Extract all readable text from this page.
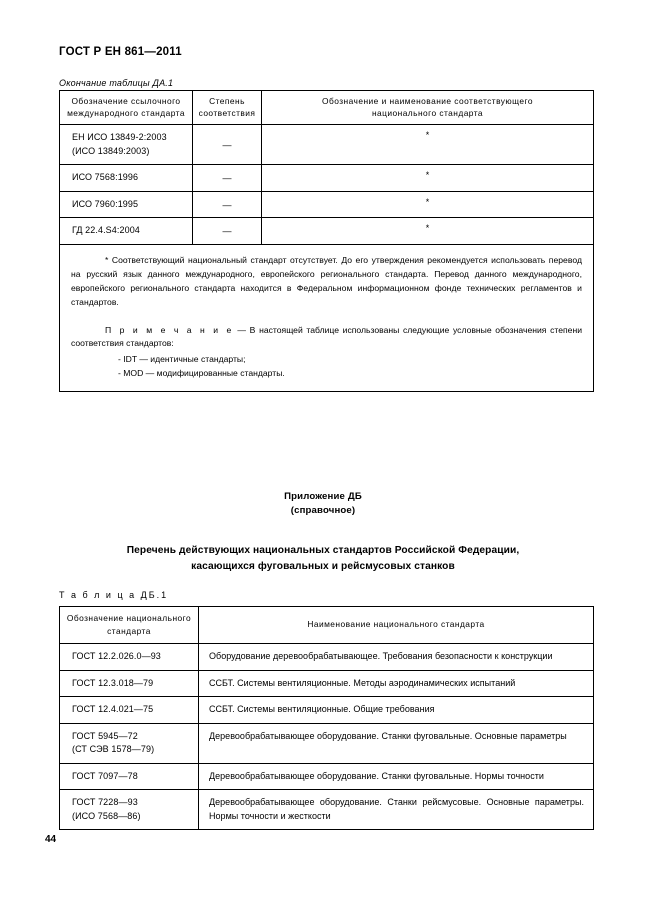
ГОСТ Р ЕН 861—2011
Окончание таблицы ДА.1
Обозначение ссылочного
международного стандарта	Степень
соответствия	Обозначение и наименование соответствующего
национального стандарта
ЕН ИСО 13849-2:2003
(ИСО 13849:2003)	—	*
ИСО 7568:1996	—	*
ИСО 7960:1995	—	*
ГД 22.4.S4:2004	—	*

* Соответствующий национальный стандарт отсутствует. До его утверждения рекомендуется использовать перевод на русский язык данного международного, европейского регионального стандарта. Перевод данного международного, европейского регионального стандарта находится в Федеральном информационном фонде технических регламентов и стандартов.

П р и м е ч а н и е — В настоящей таблице использованы следующие условные обозначения степени соответствия стандартов:

- IDT — идентичные стандарты;
- MOD — модифицированные стандарты.
Приложение ДБ
(справочное)
Перечень действующих национальных стандартов Российской Федерации,
касающихся фуговальных и рейсмусовых станков
Т а б л и ц а ДБ.1
Обозначение национального
стандарта	Наименование национального стандарта
ГОСТ 12.2.026.0—93	Оборудование деревообрабатывающее. Требования безопасности к конструкции
ГОСТ 12.3.018—79	ССБТ. Системы вентиляционные. Методы аэродинамических испытаний
ГОСТ 12.4.021—75	ССБТ. Системы вентиляционные. Общие требования
ГОСТ 5945—72
(СТ СЭВ 1578—79)	Деревообрабатывающее оборудование. Станки фуговальные. Основные параметры
ГОСТ 7097—78	Деревообрабатывающее оборудование. Станки фуговальные. Нормы точности
ГОСТ 7228—93
(ИСО 7568—86)	Деревообрабатывающее оборудование. Станки рейсмусовые. Основные параметры. Нормы точности и жесткости
44
